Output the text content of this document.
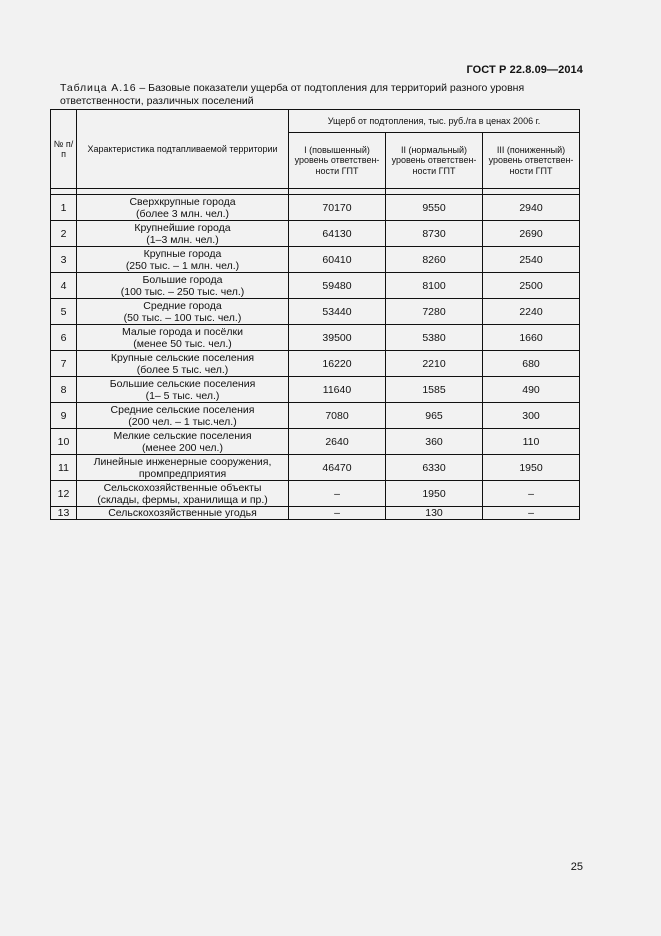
ГОСТ Р 22.8.09—2014
Таблица А.16 – Базовые показатели ущерба от подтопления для территорий разного уровня ответственности, различных поселений
№ п/ п	Характеристика подтапливаемой территории	Ущерб от подтопления, тыс. руб./га в ценах 2006 г.		
		I (повышенный) уровень ответствен-ности ГПТ	II (нормальный) уровень ответствен-ности ГПТ	III (пониженный) уровень ответствен-ности ГПТ

1	Сверхкрупные города
(более 3 млн. чел.)	70170	9550	2940
2	Крупнейшие города
(1–3 млн. чел.)	64130	8730	2690
3	Крупные города
(250 тыс. – 1 млн. чел.)	60410	8260	2540
4	Большие города
(100 тыс. – 250 тыс. чел.)	59480	8100	2500
5	Средние города
(50 тыс. – 100 тыс. чел.)	53440	7280	2240
6	Малые города и посёлки
(менее 50 тыс. чел.)	39500	5380	1660
7	Крупные сельские поселения
(более 5 тыс. чел.)	16220	2210	680
8	Большие сельские поселения
(1– 5 тыс. чел.)	11640	1585	490
9	Средние сельские поселения
(200 чел. – 1 тыс.чел.)	7080	965	300
10	Мелкие сельские поселения
(менее 200 чел.)	2640	360	110
11	Линейные инженерные сооружения,
промпредприятия	46470	6330	1950
12	Сельскохозяйственные объекты
(склады, фермы, хранилища и пр.)	–	1950	–
13	Сельскохозяйственные угодья	–	130	–
25
